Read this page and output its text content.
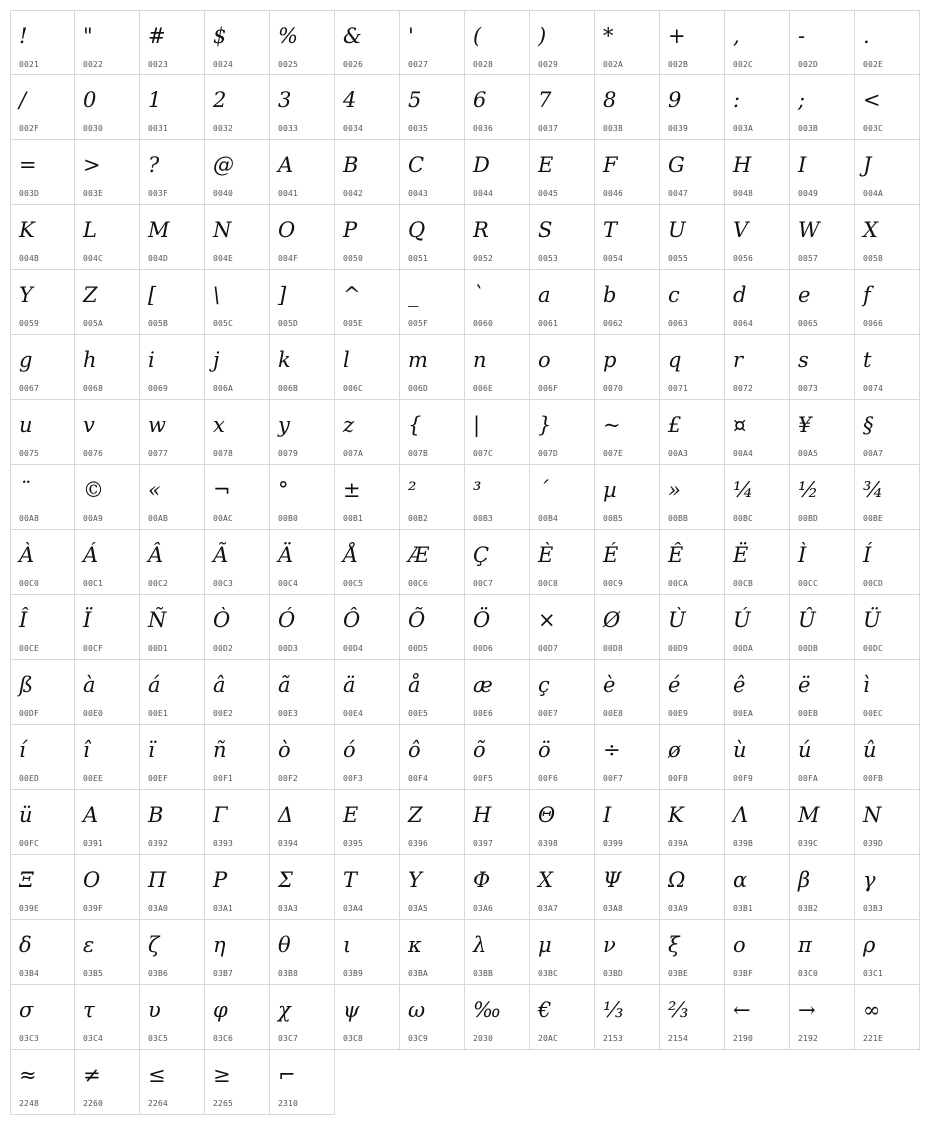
!
0021
"
0022
#
0023
$
0024
%
0025
&
0026
'
0027
(
0028
)
0029
*
002A
+
002B
,
002C
-
002D
.
002E
/
002F
0
0030
1
0031
2
0032
3
0033
4
0034
5
0035
6
0036
7
0037
8
0038
9
0039
:
003A
;
003B
<
003C
=
003D
>
003E
?
003F
@
0040
A
0041
B
0042
C
0043
D
0044
E
0045
F
0046
G
0047
H
0048
I
0049
J
004A
K
004B
L
004C
M
004D
N
004E
O
004F
P
0050
Q
0051
R
0052
S
0053
T
0054
U
0055
V
0056
W
0057
X
0058
Y
0059
Z
005A
[
005B
\
005C
]
005D
^
005E
_
005F
`
0060
a
0061
b
0062
c
0063
d
0064
e
0065
f
0066
g
0067
h
0068
i
0069
j
006A
k
006B
l
006C
m
006D
n
006E
o
006F
p
0070
q
0071
r
0072
s
0073
t
0074
u
0075
v
0076
w
0077
x
0078
y
0079
z
007A
{
007B
|
007C
}
007D
~
007E
£
00A3
¤
00A4
¥
00A5
§
00A7
¨
00A8
©
00A9
«
00AB
¬
00AC
°
00B0
±
00B1
²
00B2
³
00B3
´
00B4
µ
00B5
»
00BB
¼
00BC
½
00BD
¾
00BE
À
00C0
Á
00C1
Â
00C2
Ã
00C3
Ä
00C4
Å
00C5
Æ
00C6
Ç
00C7
È
00C8
É
00C9
Ê
00CA
Ë
00CB
Ì
00CC
Í
00CD
Î
00CE
Ï
00CF
Ñ
00D1
Ò
00D2
Ó
00D3
Ô
00D4
Õ
00D5
Ö
00D6
×
00D7
Ø
00D8
Ù
00D9
Ú
00DA
Û
00DB
Ü
00DC
ß
00DF
à
00E0
á
00E1
â
00E2
ã
00E3
ä
00E4
å
00E5
æ
00E6
ç
00E7
è
00E8
é
00E9
ê
00EA
ë
00EB
ì
00EC
í
00ED
î
00EE
ï
00EF
ñ
00F1
ò
00F2
ó
00F3
ô
00F4
õ
00F5
ö
00F6
÷
00F7
ø
00F8
ù
00F9
ú
00FA
û
00FB
ü
00FC
Α
0391
Β
0392
Γ
0393
Δ
0394
Ε
0395
Ζ
0396
Η
0397
Θ
0398
Ι
0399
Κ
039A
Λ
039B
Μ
039C
Ν
039D
Ξ
039E
Ο
039F
Π
03A0
Ρ
03A1
Σ
03A3
Τ
03A4
Υ
03A5
Φ
03A6
Χ
03A7
Ψ
03A8
Ω
03A9
α
03B1
β
03B2
γ
03B3
δ
03B4
ε
03B5
ζ
03B6
η
03B7
θ
03B8
ι
03B9
κ
03BA
λ
03BB
μ
03BC
ν
03BD
ξ
03BE
ο
03BF
π
03C0
ρ
03C1
σ
03C3
τ
03C4
υ
03C5
φ
03C6
χ
03C7
ψ
03C8
ω
03C9
‰
2030
€
20AC
⅓
2153
⅔
2154
←
2190
→
2192
∞
221E
≈
2248
≠
2260
≤
2264
≥
2265
⌐
2310
